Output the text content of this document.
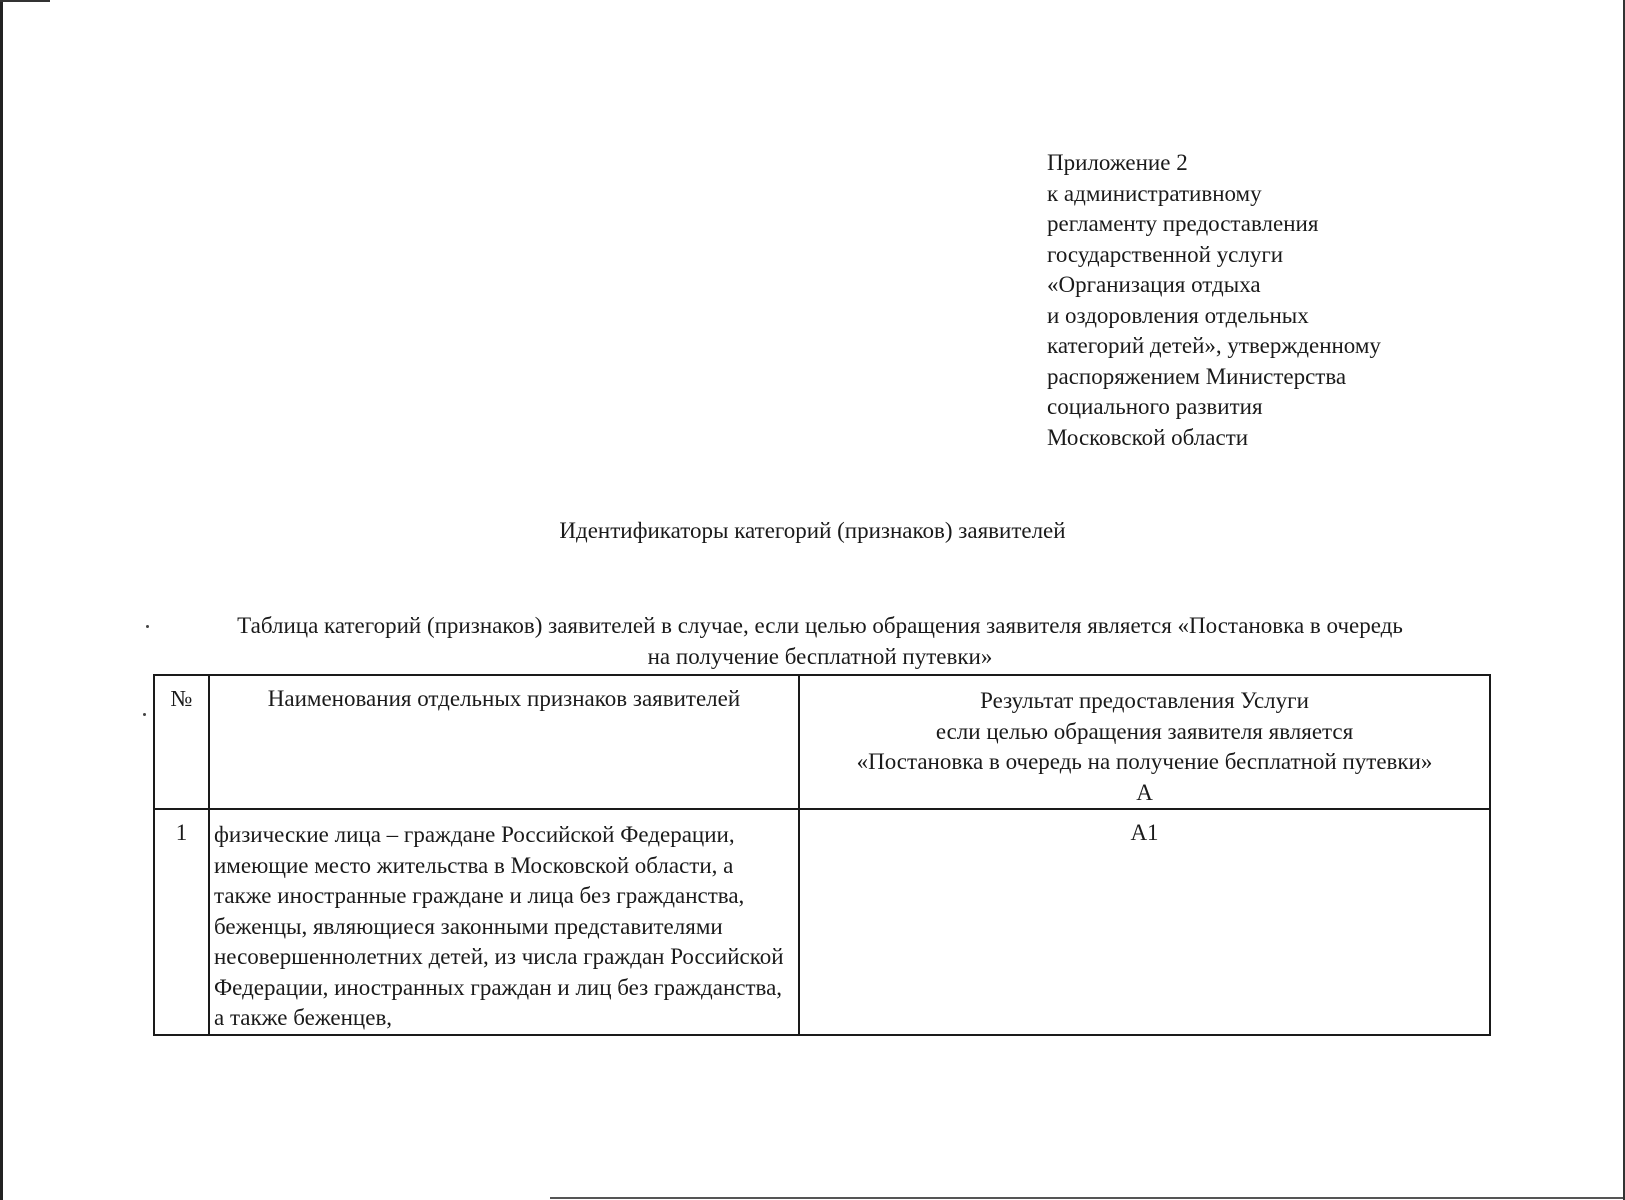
Приложение 2
к административному
регламенту предоставления
государственной услуги
«Организация отдыха
и оздоровления отдельных
категорий детей», утвержденному
распоряжением Министерства
социального развития
Московской области
Идентификаторы категорий (признаков) заявителей
Таблица категорий (признаков) заявителей в случае, если целью обращения заявителя является «Постановка в очередь
на получение бесплатной путевки»
№	Наименования отдельных признаков заявителей	Результат предоставления Услуги
если целью обращения заявителя является
«Постановка в очередь на получение бесплатной путевки»
А

1	физические лица – граждане Российской Федерации, имеющие место жительства в Московской области, а также иностранные граждане и лица без гражданства, беженцы, являющиеся законными представителями несовершеннолетних детей, из числа граждан Российской Федерации, иностранных граждан и лиц без гражданства, а также беженцев,	А1
